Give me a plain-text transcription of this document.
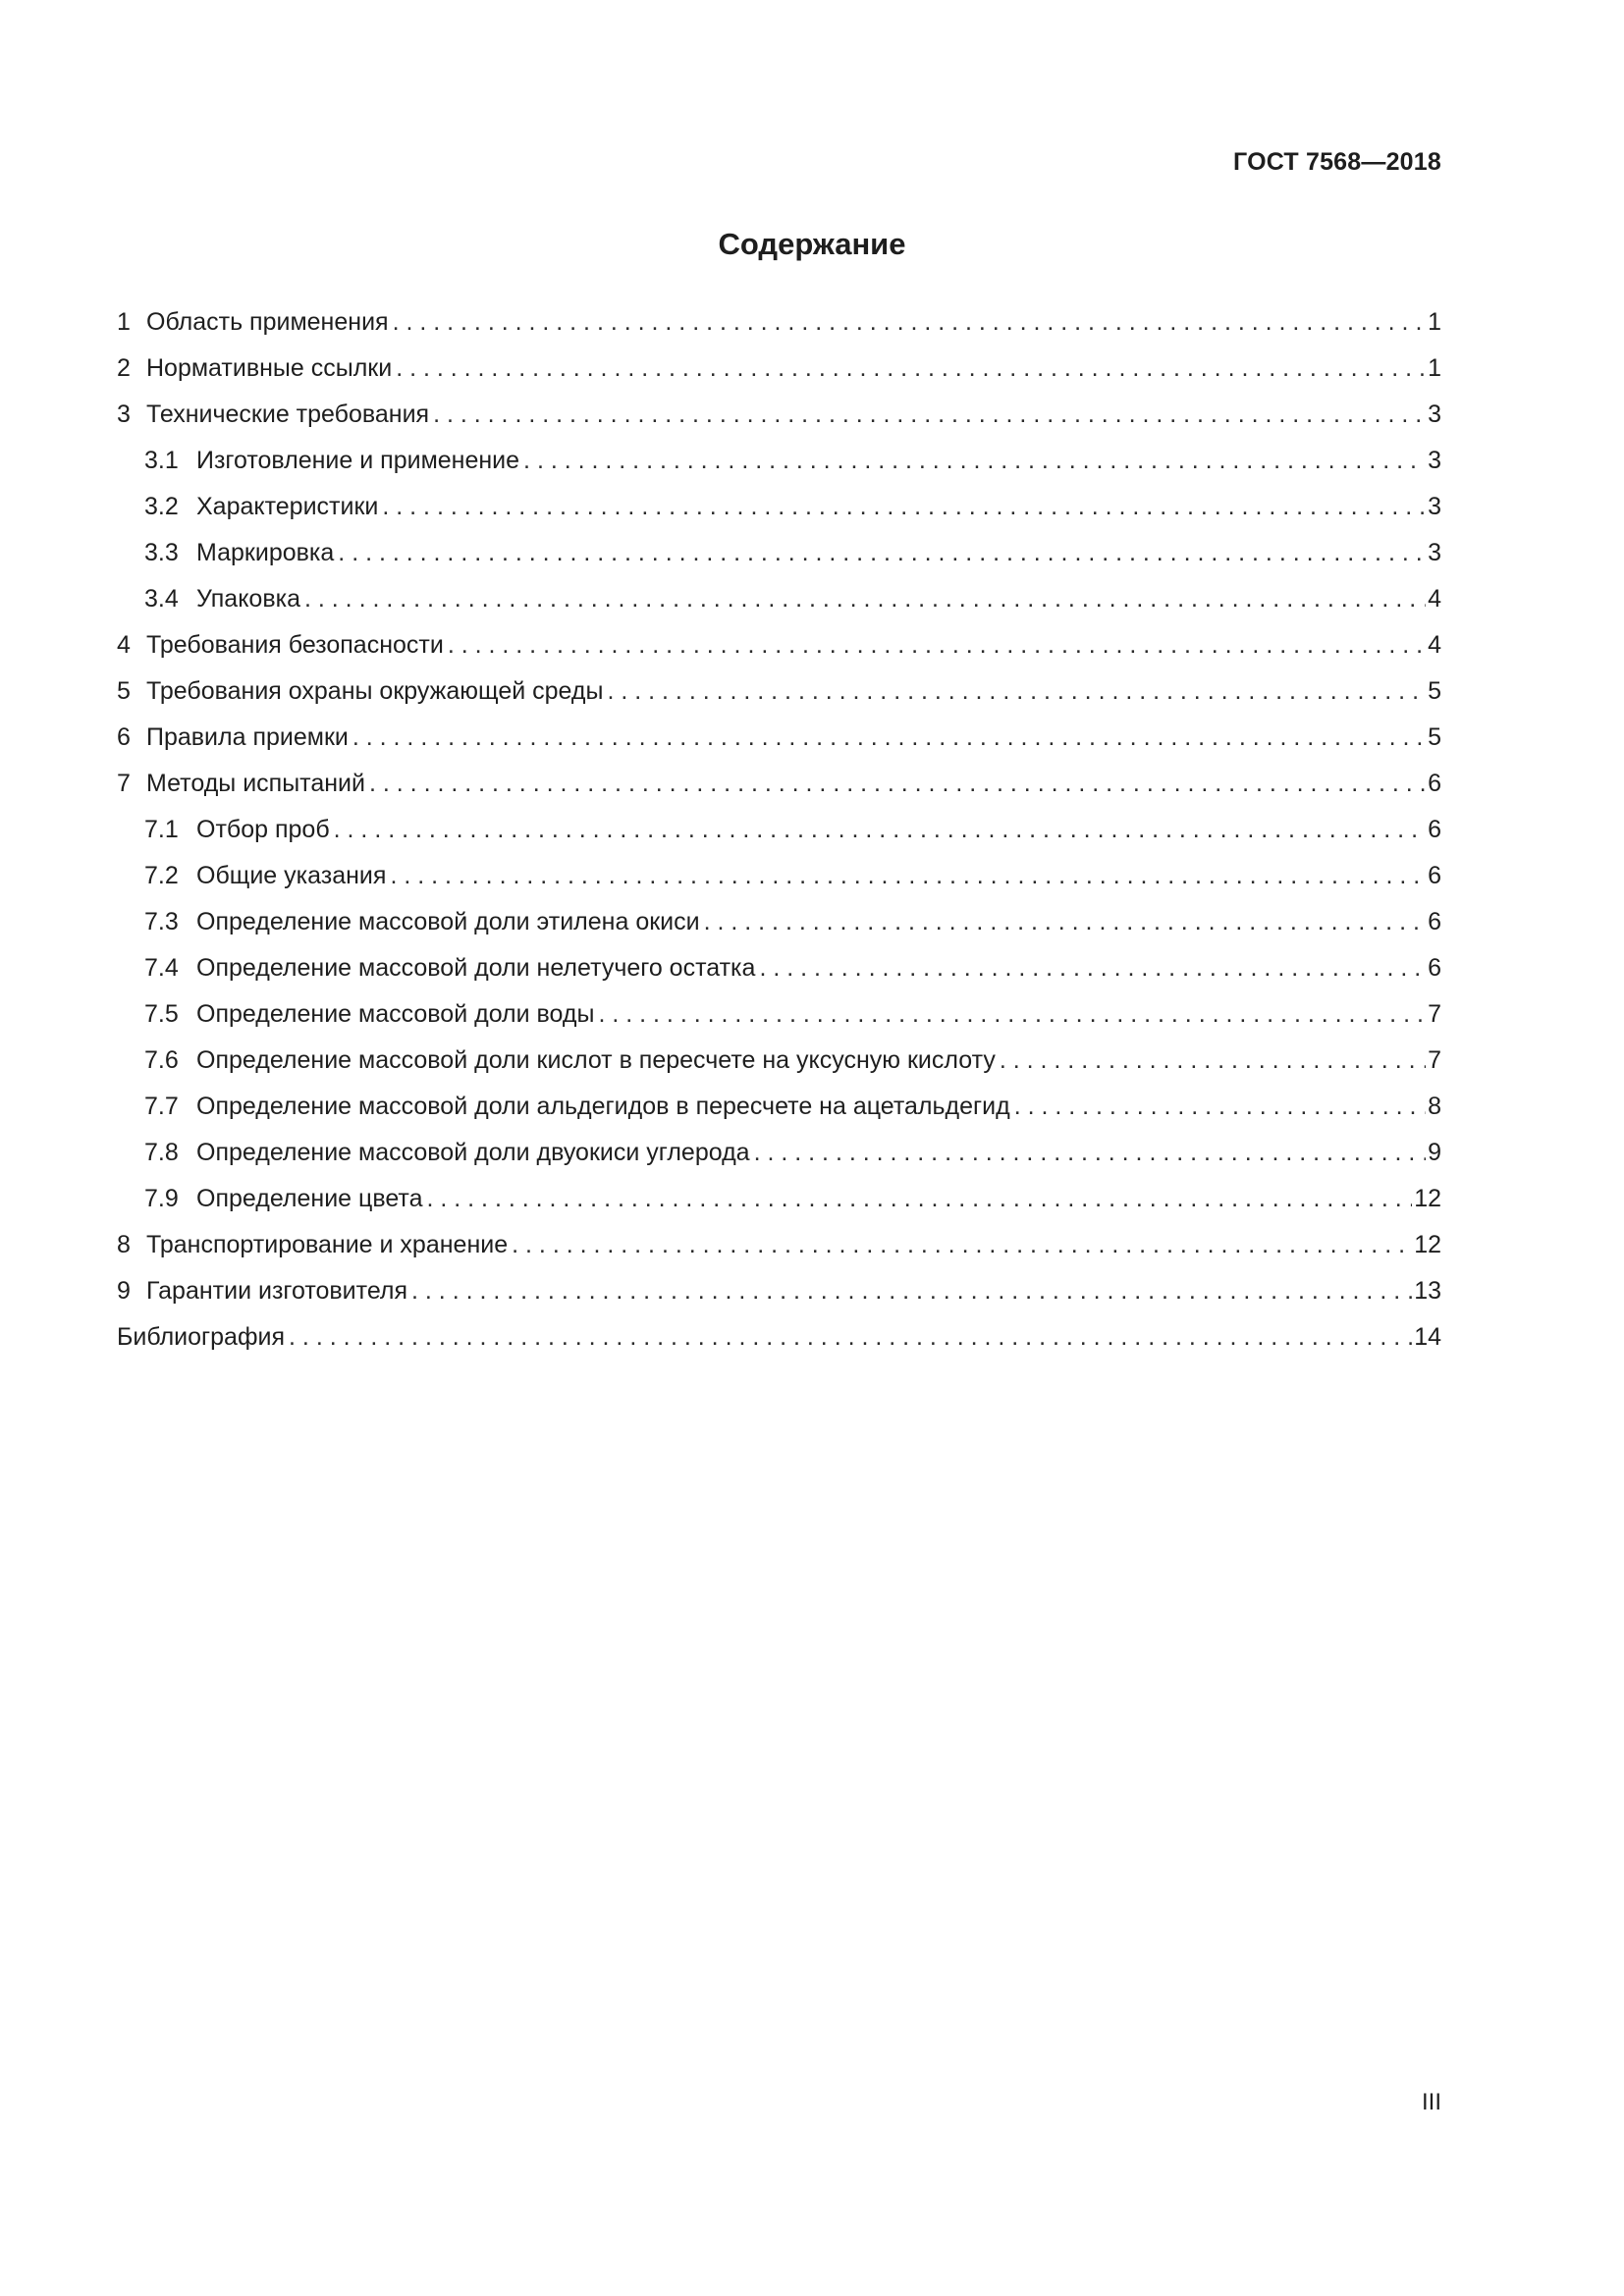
ГОСТ 7568—2018

Содержание
1 Область применения . . .	1
2 Нормативные ссылки . . .	1
3 Технические требования . . .	3
3.1 Изготовление и применение . . .	3
3.2 Характеристики . . .	3
3.3 Маркировка . . .	3
3.4 Упаковка . . .	4
4 Требования безопасности . . .	4
5 Требования охраны окружающей среды . . .	5
6 Правила приемки . . .	5
7 Методы испытаний . . .	6
7.1 Отбор проб . . .	6
7.2 Общие указания . . .	6
7.3 Определение массовой доли этилена окиси . . .	6
7.4 Определение массовой доли нелетучего остатка . . .	6
7.5 Определение массовой доли воды . . .	7
7.6 Определение массовой доли кислот в пересчете на уксусную кислоту . . .	7
7.7 Определение массовой доли альдегидов в пересчете на ацетальдегид . . .	8
7.8 Определение массовой доли двуокиси углерода . . .	9
7.9 Определение цвета . . .	12
8 Транспортирование и хранение . . .	12
9 Гарантии изготовителя . . .	13
Библиография . . .	14

III
